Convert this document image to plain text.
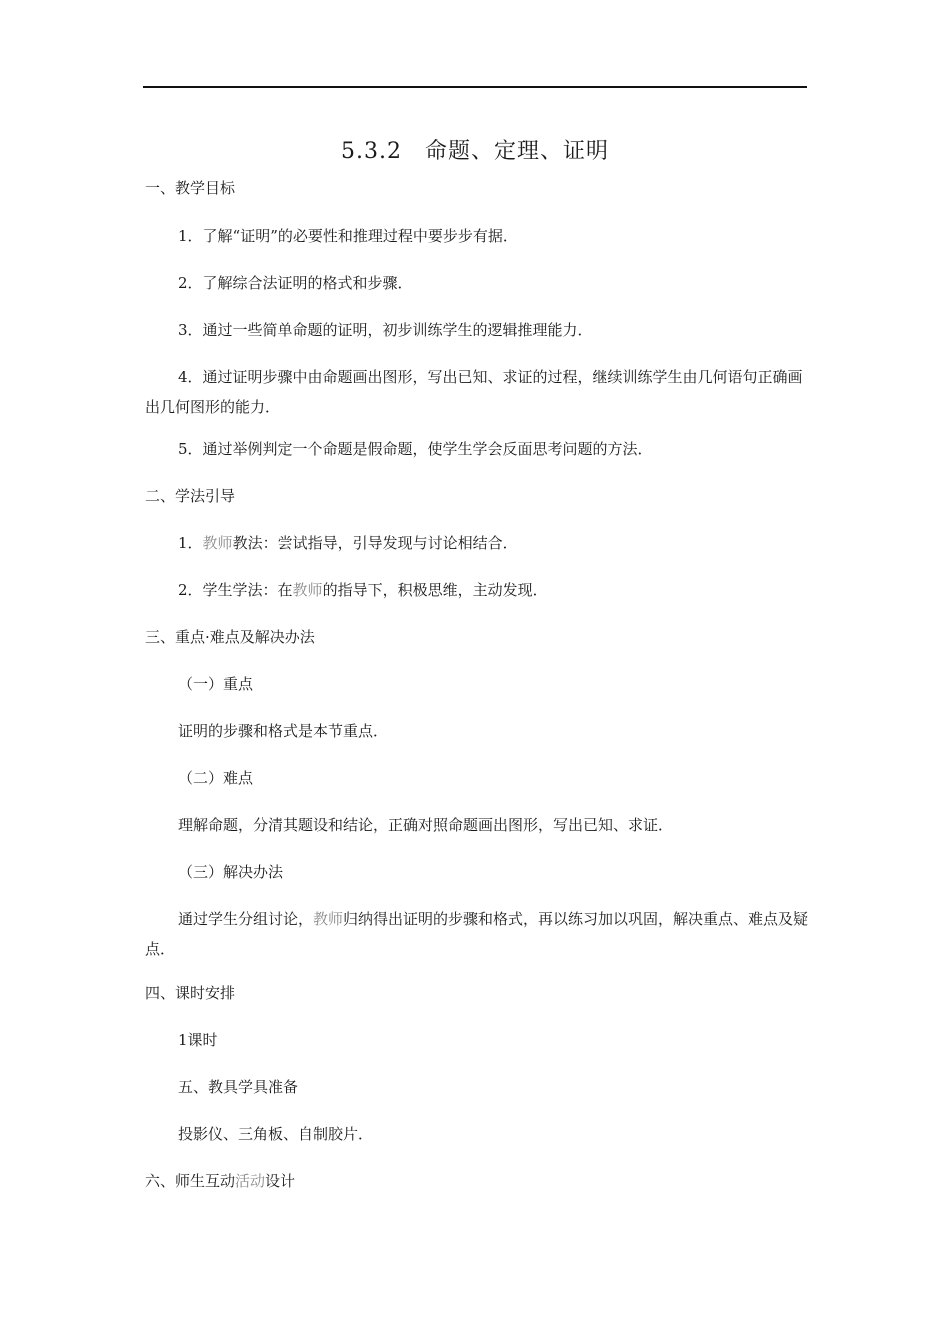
5.3.2　命题、定理、证明
一、教学目标
1．了解“证明”的必要性和推理过程中要步步有据．
2．了解综合法证明的格式和步骤．
3．通过一些简单命题的证明，初步训练学生的逻辑推理能力．
4．通过证明步骤中由命题画出图形，写出已知、求证的过程，继续训练学生由几何语句正确画出几何图形的能力．
5．通过举例判定一个命题是假命题，使学生学会反面思考问题的方法．
二、学法引导
1．教师教法：尝试指导，引导发现与讨论相结合．
2．学生学法：在教师的指导下，积极思维，主动发现．
三、重点·难点及解决办法
（一）重点
证明的步骤和格式是本节重点．
（二）难点
理解命题，分清其题设和结论，正确对照命题画出图形，写出已知、求证．
（三）解决办法
通过学生分组讨论，教师归纳得出证明的步骤和格式，再以练习加以巩固，解决重点、难点及疑点．
四、课时安排
1课时
五、教具学具准备
投影仪、三角板、自制胶片．
六、师生互动活动设计
